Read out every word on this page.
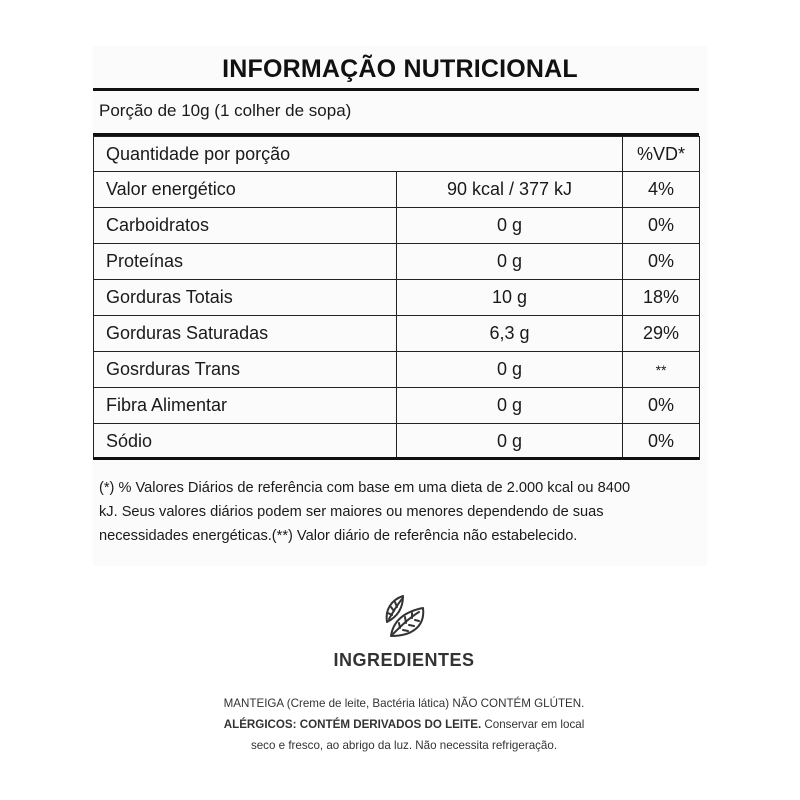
INFORMAÇÃO NUTRICIONAL
Porção de 10g (1 colher de sopa)
Quantidade por porção		%VD*
Valor energético	90 kcal / 377 kJ	4%
Carboidratos	0 g	0%
Proteínas	0 g	0%
Gorduras Totais	10 g	18%
Gorduras Saturadas	6,3 g	29%
Gosrduras Trans	0 g	**
Fibra Alimentar	0 g	0%
Sódio	0 g	0%
(*) % Valores Diários de referência com base em uma dieta de 2.000 kcal ou 8400
kJ. Seus valores diários podem ser maiores ou menores dependendo de suas
necessidades energéticas.(**) Valor diário de referência não estabelecido.
INGREDIENTES
MANTEIGA (Creme de leite, Bactéria lática) NÃO CONTÉM GLÚTEN.
ALÉRGICOS: CONTÉM DERIVADOS DO LEITE. Conservar em local
seco e fresco, ao abrigo da luz. Não necessita refrigeração.
